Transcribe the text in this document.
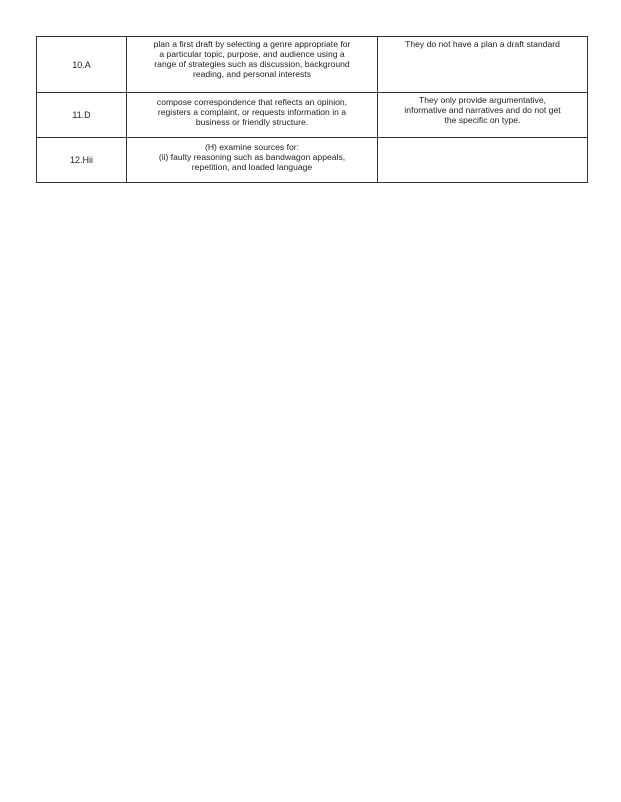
10.A	plan a first draft by selecting a genre appropriate for
a particular topic, purpose, and audience using a
range of strategies such as discussion, background
reading, and personal interests	They do not have a plan a draft standard

11.D	compose correspondence that reflects an opinion,
registers a complaint, or requests information in a
business or friendly structure.	They only provide argumentative,
informative and narratives and do not get
the specific on type.

12.Hii	(H) examine sources for:
(ii) faulty reasoning such as bandwagon appeals,
repetition, and loaded language	
